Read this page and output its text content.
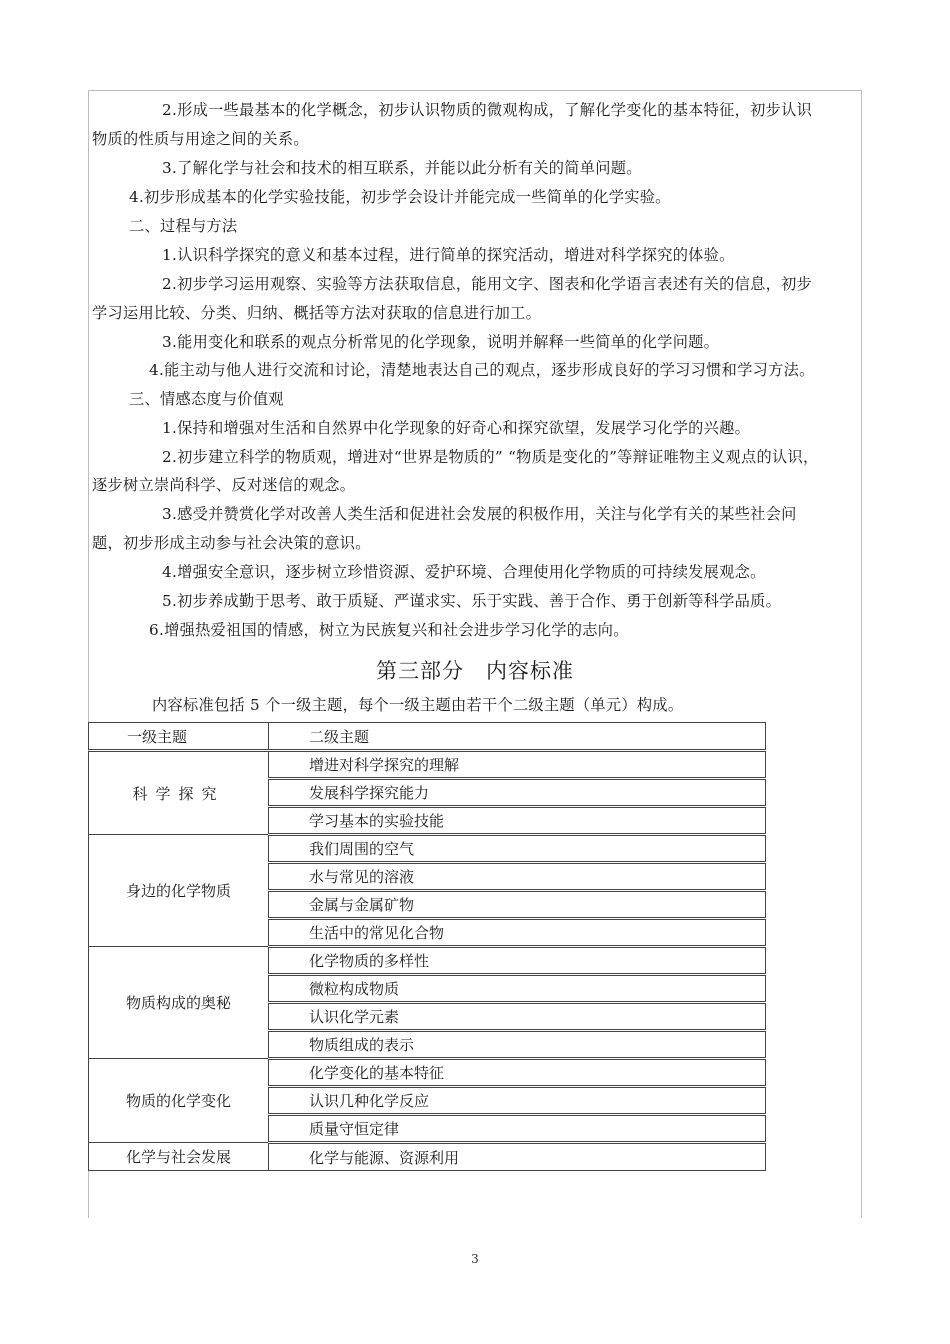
2.形成一些最基本的化学概念，初步认识物质的微观构成，了解化学变化的基本特征，初步认识
物质的性质与用途之间的关系。
3.了解化学与社会和技术的相互联系，并能以此分析有关的简单问题。
4.初步形成基本的化学实验技能，初步学会设计并能完成一些简单的化学实验。
二、过程与方法
1.认识科学探究的意义和基本过程，进行简单的探究活动，增进对科学探究的体验。
2.初步学习运用观察、实验等方法获取信息，能用文字、图表和化学语言表述有关的信息，初步
学习运用比较、分类、归纳、概括等方法对获取的信息进行加工。
3.能用变化和联系的观点分析常见的化学现象，说明并解释一些简单的化学问题。
4.能主动与他人进行交流和讨论，清楚地表达自己的观点，逐步形成良好的学习习惯和学习方法。
三、情感态度与价值观
1.保持和增强对生活和自然界中化学现象的好奇心和探究欲望，发展学习化学的兴趣。
2.初步建立科学的物质观，增进对“世界是物质的” “物质是变化的”等辩证唯物主义观点的认识，
逐步树立崇尚科学、反对迷信的观念。
3.感受并赞赏化学对改善人类生活和促进社会发展的积极作用，关注与化学有关的某些社会问
题，初步形成主动参与社会决策的意识。
4.增强安全意识，逐步树立珍惜资源、爱护环境、合理使用化学物质的可持续发展观念。
5.初步养成勤于思考、敢于质疑、严谨求实、乐于实践、善于合作、勇于创新等科学品质。
6.增强热爱祖国的情感，树立为民族复兴和社会进步学习化学的志向。
第三部分　内容标准
内容标准包括 5 个一级主题，每个一级主题由若干个二级主题（单元）构成。
一级主题	二级主题
科学探究	增进对科学探究的理解
	发展科学探究能力
	学习基本的实验技能
身边的化学物质	我们周围的空气
	水与常见的溶液
	金属与金属矿物
	生活中的常见化合物
物质构成的奥秘	化学物质的多样性
	微粒构成物质
	认识化学元素
	物质组成的表示
物质的化学变化	化学变化的基本特征
	认识几种化学反应
	质量守恒定律
化学与社会发展	化学与能源、资源利用
3
